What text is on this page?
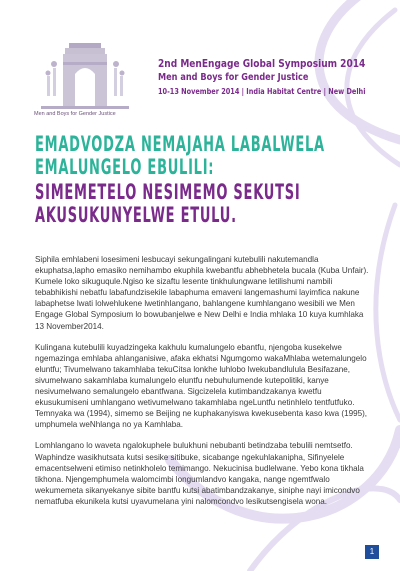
Men and Boys for Gender Justice
2nd MenEngage Global Symposium 2014
Men and Boys for Gender Justice
10-13 November 2014 | India Habitat Centre | New Delhi
EMADVODZA NEMAJAHA LABALWELA
EMALUNGELO EBULILI:
SIMEMETELO NESIMEMO SEKUTSI
AKUSUKUNYELWE ETULU.

Siphila emhlabeni losesimeni lesbucayi sekungalingani kutebulili nakutemandla ekuphatsa,lapho emasiko nemihambo ekuphila kwebantfu abhebhetela bucala (Kuba Unfair). Kumele loko sikuguqule.Ngiso ke sizaftu lesente tinkhulungwane letilishumi nambili tebabhikishi nebatfu labafundzisekile labaphuma emaveni langemashumi layimfica nakune labaphetse lwati lolwehlukene lwetinhlangano, bahlangene kumhlangano wesibili we Men Engage Global Symposium lo bowubanjelwe e New Delhi e India mhlaka 10 kuya kumhlaka 13 November2014.

Kulingana kutebulili kuyadzingeka kakhulu kumalungelo ebantfu, njengoba kusekelwe ngemazinga emhlaba ahlanganisiwe, afaka ekhatsi Ngumgomo wakaMhlaba wetemalungelo eluntfu; Tivumelwano takamhlaba tekuCitsa lonkhe luhlobo lwekubandlulula Besifazane, sivumelwano sakamhlaba kumalungelo eluntfu nebuhulumende kutepolitiki, kanye nesivumelwano semalungelo ebantfwana. Sigcizelela kutimbandzakanya kwetfu ekusukumiseni umhlangano wetivumelwano takamhlaba ngeLuntfu netinhlelo tentfutfuko. Temnyaka wa (1994), simemo se Beijing ne kuphakanyiswa kwekusebenta kaso kwa (1995), umphumela weNhlanga no ya Kamhlaba.

Lomhlangano lo waveta ngalokuphele bulukhuni nebubanti betindzaba tebulili nemtsetfo. Waphindze wasikhutsata kutsi sesike sitibuke, sicabange ngekuhlakanipha, Sifinyelele emacentselweni etimiso netinkholelo temimango. Nekucinisa budlelwane. Yebo kona tikhala tikhona. Njengemphumela walomcimbi longumlandvo kangaka, nange ngemtfwalo wekumemeta sikanyekanye sibite bantfu kutsi abatimbandzakanye, siniphe nayi imicondvo nematfuba ekunikela kutsi uyavumelana yini nalomcondvo lesikutsengisela wona.

1
